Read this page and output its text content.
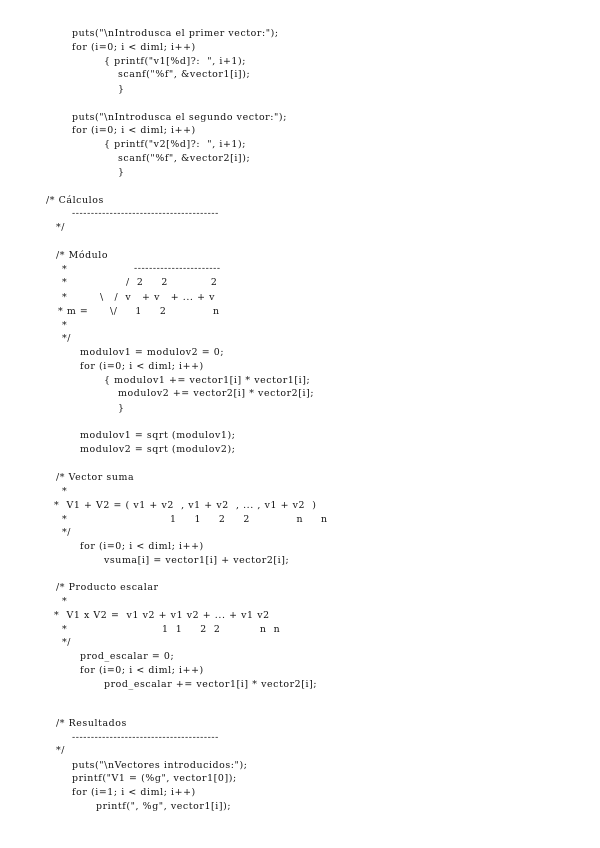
puts("\nIntrodusca el primer vector:");
for (i=0; i < diml; i++)
{ printf("v1[%d]?:  ", i+1);
scanf("%f", &vector1[i]);
}
puts("\nIntrodusca el segundo vector:");
for (i=0; i < diml; i++)
{ printf("v2[%d]?:  ", i+1);
scanf("%f", &vector2[i]);
}
/* Cálculos
---------------------------------------
*/
/* Módulo
*	-----------------------
*	/  2     2            2
*	\   /  v   + v   + ... + v
* m = \/     1     2             n
*
*/
modulov1 = modulov2 = 0;
for (i=0; i < diml; i++)
{ modulov1 += vector1[i] * vector1[i];
modulov2 += vector2[i] * vector2[i];
}
modulov1 = sqrt (modulov1);
modulov2 = sqrt (modulov2);
/* Vector suma
*
*  V1 + V2 = ( v1 + v2  , v1 + v2  , ... , v1 + v2  )
*	1     1     2     2             n     n
*/
for (i=0; i < diml; i++)
vsuma[i] = vector1[i] + vector2[i];
/* Producto escalar
*
*  V1 x V2 =  v1 v2 + v1 v2 + ... + v1 v2
*	1  1     2  2           n  n
*/
prod_escalar = 0;
for (i=0; i < diml; i++)
prod_escalar += vector1[i] * vector2[i];
/* Resultados
---------------------------------------
*/
puts("\nVectores introducidos:");
printf("V1 = (%g", vector1[0]);
for (i=1; i < diml; i++)
printf(", %g", vector1[i]);
